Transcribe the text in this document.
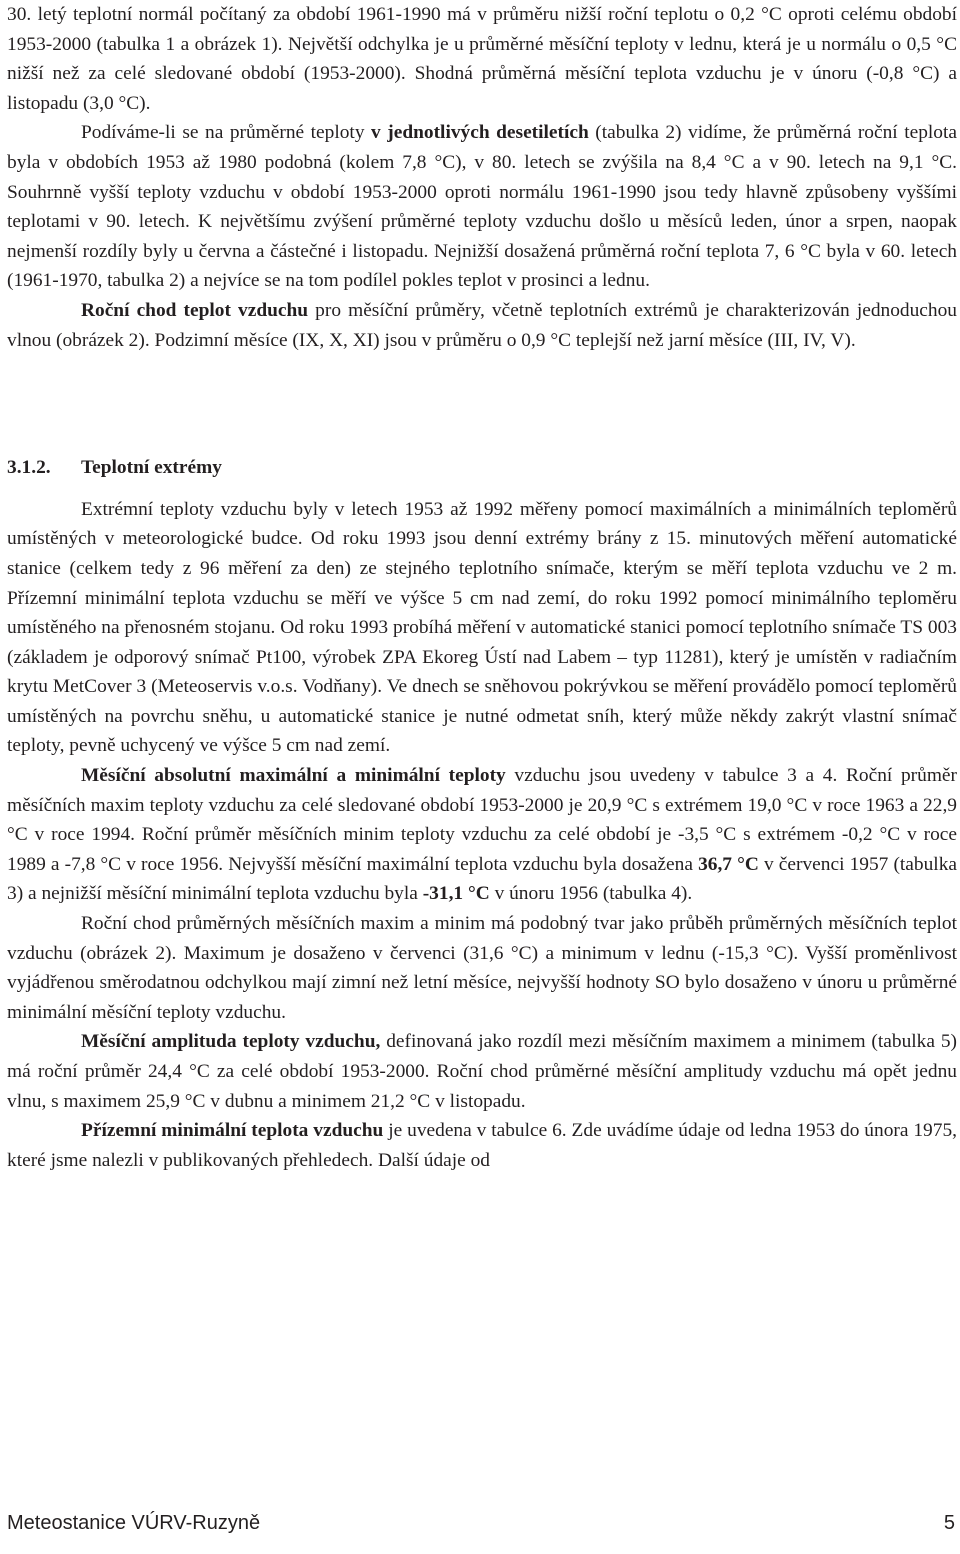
30. letý teplotní normál počítaný za období 1961-1990 má v průměru nižší roční teplotu o 0,2 °C oproti celému období 1953-2000 (tabulka 1 a obrázek 1). Největší odchylka je u průměrné měsíční teploty v lednu, která je u normálu o 0,5 °C nižší než za celé sledované období (1953-2000). Shodná průměrná měsíční teplota vzduchu je v únoru (-0,8 °C) a listopadu (3,0 °C).

Podíváme-li se na průměrné teploty v jednotlivých desetiletích (tabulka 2) vidíme, že průměrná roční teplota byla v obdobích 1953 až 1980 podobná (kolem 7,8 °C), v 80. letech se zvýšila na 8,4 °C a v 90. letech na 9,1 °C. Souhrnně vyšší teploty vzduchu v období 1953-2000 oproti normálu 1961-1990 jsou tedy hlavně způsobeny vyššími teplotami v 90. letech. K největšímu zvýšení průměrné teploty vzduchu došlo u měsíců leden, únor a srpen, naopak nejmenší rozdíly byly u června a částečné i listopadu. Nejnižší dosažená průměrná roční teplota 7, 6 °C byla v 60. letech (1961-1970, tabulka 2) a nejvíce se na tom podílel pokles teplot v prosinci a lednu.

Roční chod teplot vzduchu pro měsíční průměry, včetně teplotních extrémů je charakterizován jednoduchou vlnou (obrázek 2). Podzimní měsíce (IX, X, XI) jsou v průměru o 0,9 °C teplejší než jarní měsíce (III, IV, V).

3.1.2. Teplotní extrémy

Extrémní teploty vzduchu byly v letech 1953 až 1992 měřeny pomocí maximálních a minimálních teploměrů umístěných v meteorologické budce. Od roku 1993 jsou denní extrémy brány z 15. minutových měření automatické stanice (celkem tedy z 96 měření za den) ze stejného teplotního snímače, kterým se měří teplota vzduchu ve 2 m. Přízemní minimální teplota vzduchu se měří ve výšce 5 cm nad zemí, do roku 1992 pomocí minimálního teploměru umístěného na přenosném stojanu. Od roku 1993 probíhá měření v automatické stanici pomocí teplotního snímače TS 003 (základem je odporový snímač Pt100, výrobek ZPA Ekoreg Ústí nad Labem – typ 11281), který je umístěn v radiačním krytu MetCover 3 (Meteoservis v.o.s. Vodňany). Ve dnech se sněhovou pokrývkou se měření provádělo pomocí teploměrů umístěných na povrchu sněhu, u automatické stanice je nutné odmetat sníh, který může někdy zakrýt vlastní snímač teploty, pevně uchycený ve výšce 5 cm nad zemí.

Měsíční absolutní maximální a minimální teploty vzduchu jsou uvedeny v tabulce 3 a 4. Roční průměr měsíčních maxim teploty vzduchu za celé sledované období 1953-2000 je 20,9 °C s extrémem 19,0 °C v roce 1963 a 22,9 °C v roce 1994. Roční průměr měsíčních minim teploty vzduchu za celé období je -3,5 °C s extrémem -0,2 °C v roce 1989 a -7,8 °C v roce 1956. Nejvyšší měsíční maximální teplota vzduchu byla dosažena 36,7 °C v červenci 1957 (tabulka 3) a nejnižší měsíční minimální teplota vzduchu byla -31,1 °C v únoru 1956 (tabulka 4).

Roční chod průměrných měsíčních maxim a minim má podobný tvar jako průběh průměrných měsíčních teplot vzduchu (obrázek 2). Maximum je dosaženo v červenci (31,6 °C) a minimum v lednu (-15,3 °C). Vyšší proměnlivost vyjádřenou směrodatnou odchylkou mají zimní než letní měsíce, nejvyšší hodnoty SO bylo dosaženo v únoru u průměrné minimální měsíční teploty vzduchu.

Měsíční amplituda teploty vzduchu, definovaná jako rozdíl mezi měsíčním maximem a minimem (tabulka 5) má roční průměr 24,4 °C za celé období 1953-2000. Roční chod průměrné měsíční amplitudy vzduchu má opět jednu vlnu, s maximem 25,9 °C v dubnu a minimem 21,2 °C v listopadu.

Přízemní minimální teplota vzduchu je uvedena v tabulce 6. Zde uvádíme údaje od ledna 1953 do února 1975, které jsme nalezli v publikovaných přehledech. Další údaje od

Meteostanice VÚRV-Ruzyně	5
